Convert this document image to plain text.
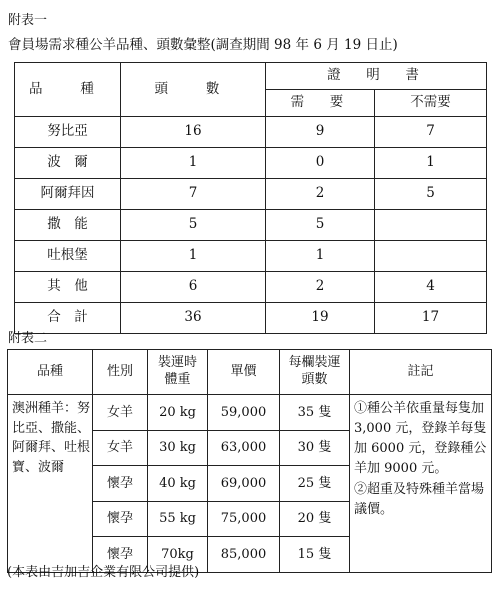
附表一
會員場需求種公羊品種、頭數彙整(調查期間 98 年 6 月 19 日止)
品　種	頭　數	證　明　書	
		需　要	不需要
努比亞	16	9	7
波　爾	1	0	1
阿爾拜因	7	2	5
撒　能	5	5	
吐根堡	1	1	
其　他	6	2	4
合　計	36	19	17
附表二
品種	性別	裝運時體重	單價	每欄裝運頭數	註記
澳洲種羊：努比亞、撒能、阿爾拜、吐根寶、波爾	女羊	20 kg	59,000	35 隻	①種公羊依重量每隻加 3,000 元，登錄羊每隻加 6000 元，登錄種公羊加 9000 元。

②超重及特殊種羊當場議價。

	女羊	30 kg	63,000	30 隻	
	懷孕	40 kg	69,000	25 隻	
	懷孕	55 kg	75,000	20 隻	
	懷孕	70kg	85,000	15 隻	
(本表由吉加吉企業有限公司提供)
